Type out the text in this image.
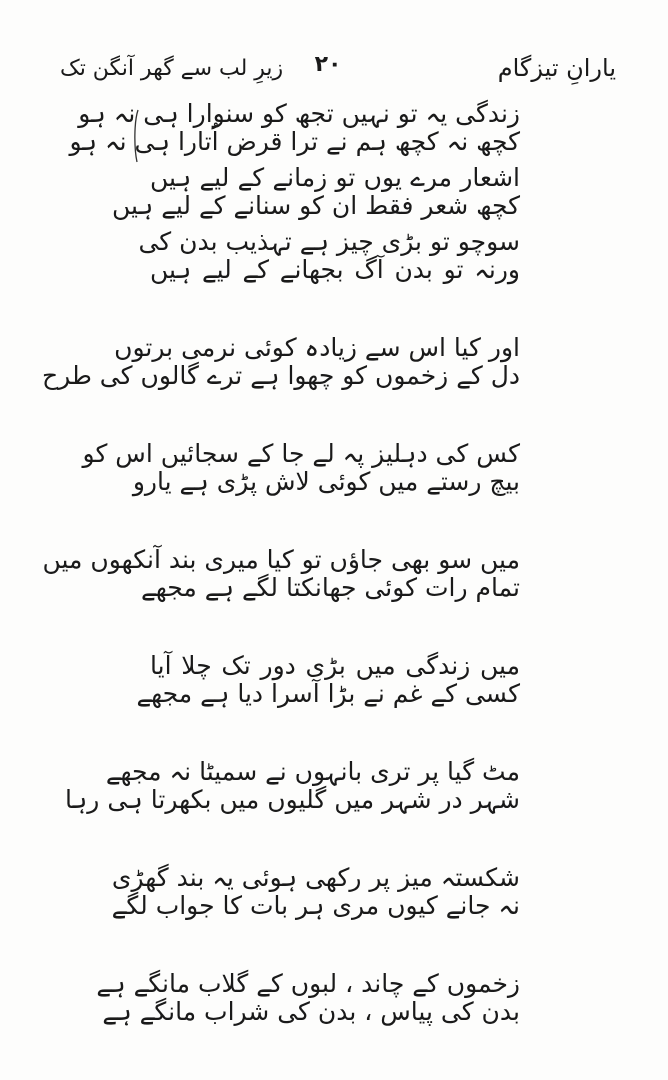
زیرِ لب سے گھر آنگن تک ۲۰	یارانِ تیزگام
زندگی یہ تو نہیں تجھ کو سنوارا ہی نہ ہو
کچھ نہ کچھ ہم نے ترا قرض اُتارا ہی نہ ہو
اشعار مرے یوں تو زمانے کے لیے ہیں
کچھ شعر فقط ان کو سنانے کے لیے ہیں
سوچو تو بڑی چیز ہے تہذیب بدن کی
ورنہ تو بدن آگ بجھانے کے لیے ہیں
اور کیا اس سے زیادہ کوئی نرمی برتوں
دل کے زخموں کو چھوا ہے ترے گالوں کی طرح
کس کی دہلیز پہ لے جا کے سجائیں اس کو
بیچ رستے میں کوئی لاش پڑی ہے یارو
میں سو بھی جاؤں تو کیا میری بند آنکھوں میں
تمام رات کوئی جھانکتا لگے ہے مجھے
میں زندگی میں بڑی دور تک چلا آیا
کسی کے غم نے بڑا آسرا دیا ہے مجھے
مٹ گیا پر تری بانہوں نے سمیٹا نہ مجھے
شہر در شہر میں گلیوں میں بکھرتا ہی رہا
شکستہ میز پر رکھی ہوئی یہ بند گھڑی
نہ جانے کیوں مری ہر بات کا جواب لگے
زخموں کے چاند ، لبوں کے گلاب مانگے ہے
بدن کی پیاس ، بدن کی شراب مانگے ہے
